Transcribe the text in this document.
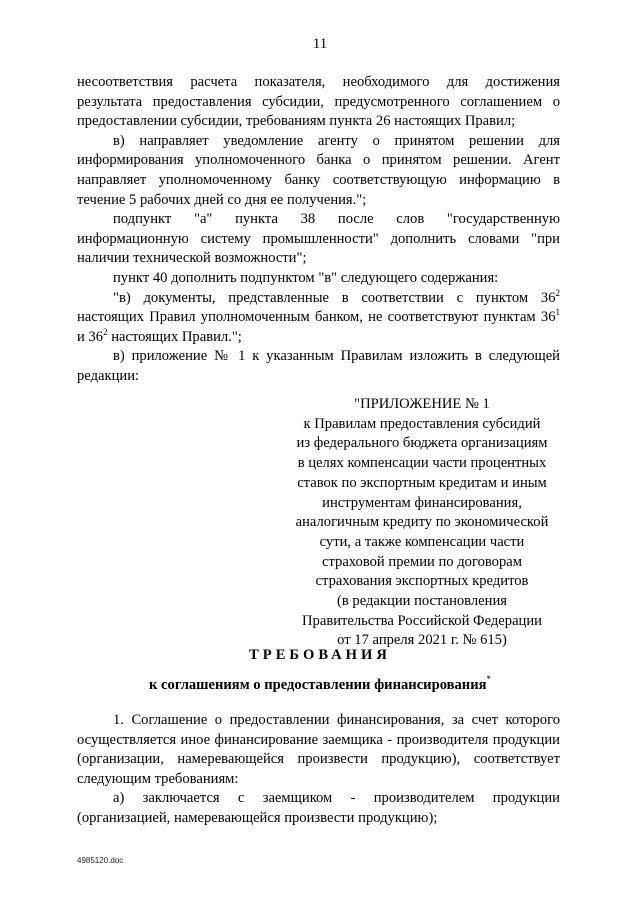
11

несоответствия расчета показателя, необходимого для достижения результата предоставления субсидии, предусмотренного соглашением о предоставлении субсидии, требованиям пункта 26 настоящих Правил;

в) направляет уведомление агенту о принятом решении для информирования уполномоченного банка о принятом решении. Агент направляет уполномоченному банку соответствующую информацию в течение 5 рабочих дней со дня ее получения.";

подпункт "а" пункта 38 после слов "государственную информационную систему промышленности" дополнить словами "при наличии технической возможности";

пункт 40 дополнить подпунктом "в" следующего содержания:

"в) документы, представленные в соответствии с пунктом $36^2$ настоящих Правил уполномоченным банком, не соответствуют пунктам $36^1$ и $36^2$ настоящих Правил.";

в) приложение № 1 к указанным Правилам изложить в следующей редакции:

"ПРИЛОЖЕНИЕ № 1
к Правилам предоставления субсидий
из федерального бюджета организациям
в целях компенсации части процентных
ставок по экспортным кредитам и иным
инструментам финансирования,
аналогичным кредиту по экономической
сути, а также компенсации части
страховой премии по договорам
страхования экспортных кредитов
(в редакции постановления
Правительства Российской Федерации
от 17 апреля 2021 г. № 615)
ТРЕБОВАНИЯ
к соглашениям о предоставлении финансирования*

1. Соглашение о предоставлении финансирования, за счет которого осуществляется иное финансирование заемщика - производителя продукции (организации, намеревающейся произвести продукцию), соответствует следующим требованиям:

а) заключается с заемщиком - производителем продукции (организацией, намеревающейся произвести продукцию);

4985120.doc
